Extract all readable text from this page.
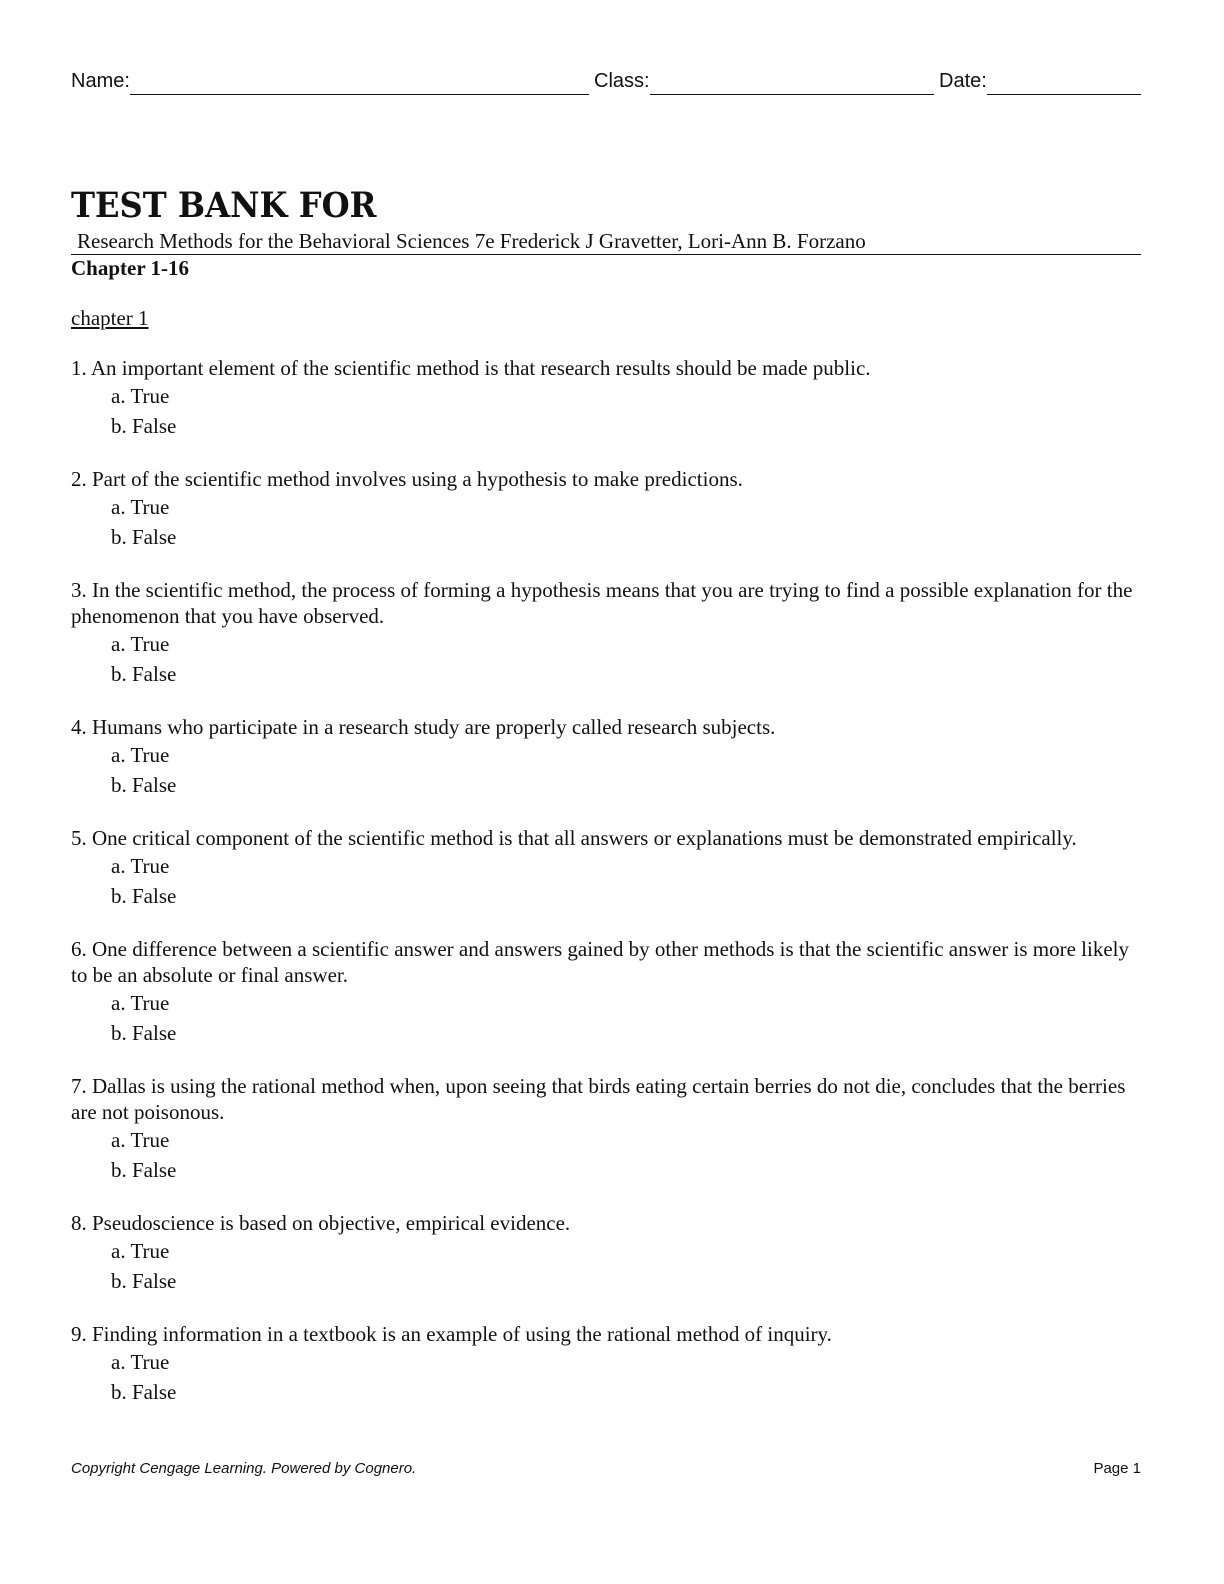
Name:	Class:	Date:
TEST BANK FOR
Research Methods for the Behavioral Sciences 7e Frederick J Gravetter, Lori-Ann B. Forzano
Chapter 1-16
chapter 1
1. An important element of the scientific method is that research results should be made public.
a. True
b. False
2. Part of the scientific method involves using a hypothesis to make predictions.
a. True
b. False
3. In the scientific method, the process of forming a hypothesis means that you are trying to find a possible explanation for the phenomenon that you have observed.
a. True
b. False
4. Humans who participate in a research study are properly called research subjects.
a. True
b. False
5. One critical component of the scientific method is that all answers or explanations must be demonstrated empirically.
a. True
b. False
6. One difference between a scientific answer and answers gained by other methods is that the scientific answer is more likely to be an absolute or final answer.
a. True
b. False
7. Dallas is using the rational method when, upon seeing that birds eating certain berries do not die, concludes that the berries are not poisonous.
a. True
b. False
8. Pseudoscience is based on objective, empirical evidence.
a. True
b. False
9. Finding information in a textbook is an example of using the rational method of inquiry.
a. True
b. False
Copyright Cengage Learning. Powered by Cognero.	Page 1
